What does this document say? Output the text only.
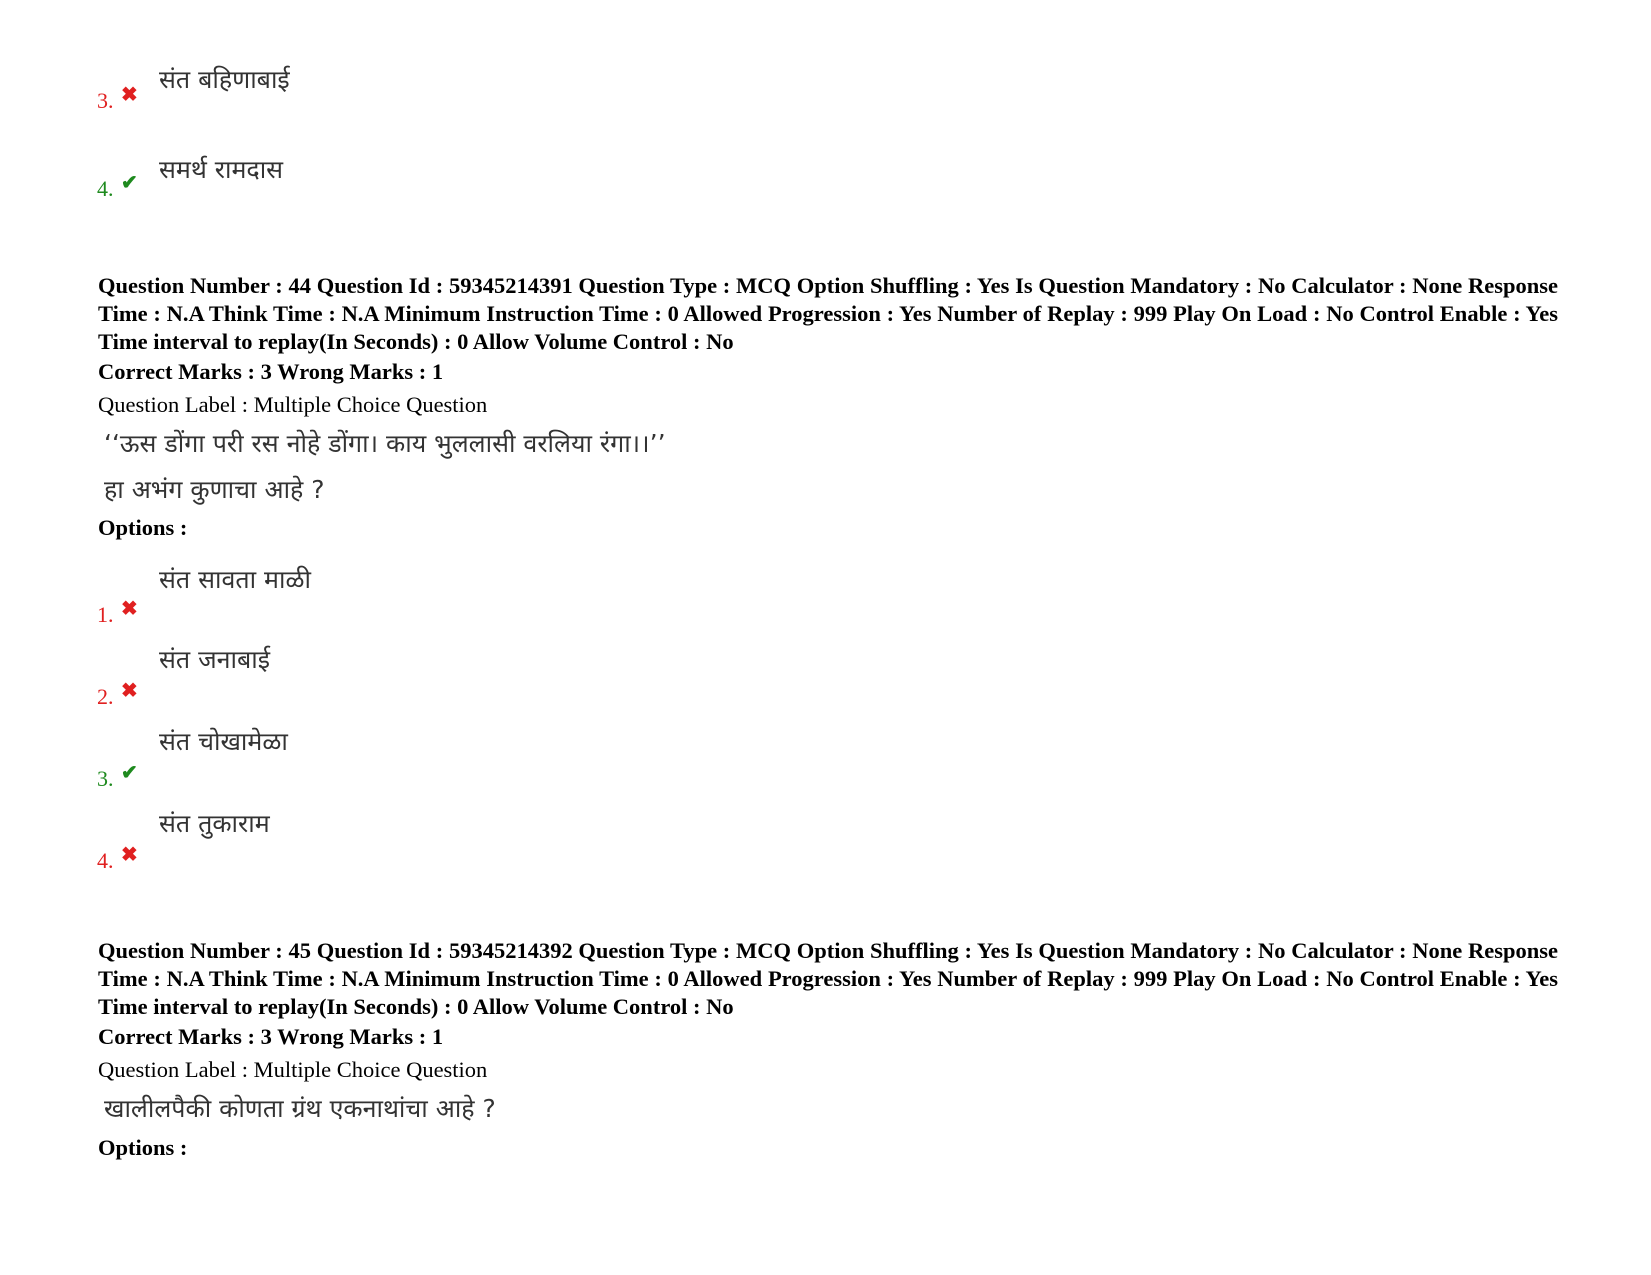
3. ✖
संत बहिणाबाई
4. ✔ समर्थ रामदास
Question Number : 44 Question Id : 59345214391 Question Type : MCQ Option Shuffling : Yes Is Question Mandatory : No Calculator : None Response Time : N.A Think Time : N.A Minimum Instruction Time : 0 Allowed Progression : Yes Number of Replay : 999 Play On Load : No Control Enable : Yes Time interval to replay(In Seconds) : 0 Allow Volume Control : No
Correct Marks : 3 Wrong Marks : 1
Question Label : Multiple Choice Question
‘‘ऊस डोंगा परी रस नोहे डोंगा। काय भुललासी वरलिया रंगा।।’’
हा अभंग कुणाचा आहे ?
Options :
1. ✖
संत सावता माळी
2. ✖
संत जनाबाई
3. ✔
संत चोखामेळा
4. ✖
संत तुकाराम
Question Number : 45 Question Id : 59345214392 Question Type : MCQ Option Shuffling : Yes Is Question Mandatory : No Calculator : None Response Time : N.A Think Time : N.A Minimum Instruction Time : 0 Allowed Progression : Yes Number of Replay : 999 Play On Load : No Control Enable : Yes Time interval to replay(In Seconds) : 0 Allow Volume Control : No
Correct Marks : 3 Wrong Marks : 1
Question Label : Multiple Choice Question
खालीलपैकी कोणता ग्रंथ एकनाथांचा आहे ?
Options :
